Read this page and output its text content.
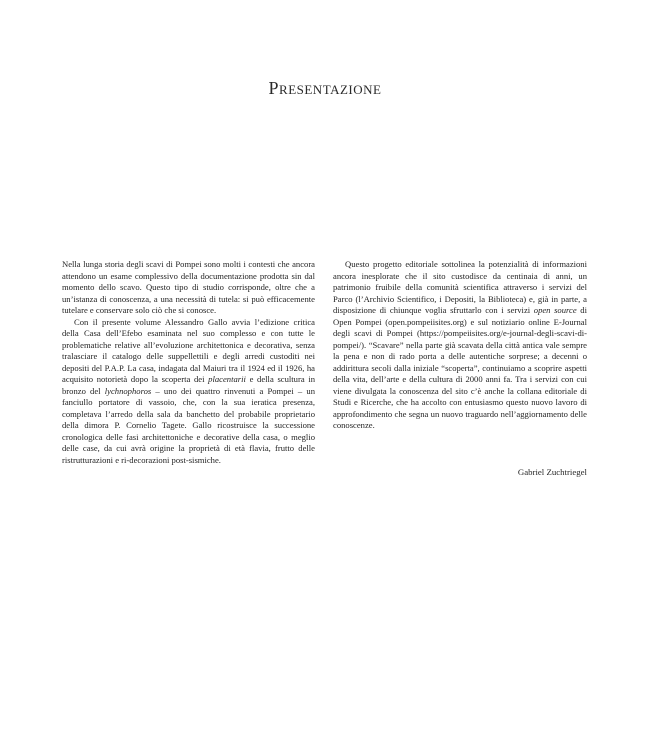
Presentazione

Nella lunga storia degli scavi di Pompei sono molti i contesti che ancora attendono un esame complessivo della documentazione prodotta sin dal momento dello scavo. Questo tipo di studio corrisponde, oltre che a un’istanza di conoscenza, a una necessità di tutela: si può efficacemente tutelare e conservare solo ciò che si conosce.

Con il presente volume Alessandro Gallo avvia l’edizione critica della Casa dell’Efebo esaminata nel suo complesso e con tutte le problematiche relative all’evoluzione architettonica e decorativa, senza tralasciare il catalogo delle suppellettili e degli arredi custoditi nei depositi del P.A.P. La casa, indagata dal Maiuri tra il 1924 ed il 1926, ha acquisito notorietà dopo la scoperta dei placentarii e della scultura in bronzo del lychnophoros – uno dei quattro rinvenuti a Pompei – un fanciullo portatore di vassoio, che, con la sua ieratica presenza, completava l’arredo della sala da banchetto del probabile proprietario della dimora P. Cornelio Tagete. Gallo ricostruisce la successione cronologica delle fasi architettoniche e decorative della casa, o meglio delle case, da cui avrà origine la proprietà di età flavia, frutto delle ristrutturazioni e ri-decorazioni post-sismiche.

Questo progetto editoriale sottolinea la potenzialità di informazioni ancora inesplorate che il sito custodisce da centinaia di anni, un patrimonio fruibile della comunità scientifica attraverso i servizi del Parco (l’Archivio Scientifico, i Depositi, la Biblioteca) e, già in parte, a disposizione di chiunque voglia sfruttarlo con i servizi open source di Open Pompei (open.pompeiisites.org) e sul notiziario online E-Journal degli scavi di Pompei (https://pompeiisites.org/e-journal-degli-scavi-di-pompei/). “Scavare” nella parte già scavata della città antica vale sempre la pena e non di rado porta a delle autentiche sorprese; a decenni o addirittura secoli dalla iniziale “scoperta”, continuiamo a scoprire aspetti della vita, dell’arte e della cultura di 2000 anni fa. Tra i servizi con cui viene divulgata la conoscenza del sito c’è anche la collana editoriale di Studi e Ricerche, che ha accolto con entusiasmo questo nuovo lavoro di approfondimento che segna un nuovo traguardo nell’aggiornamento delle conoscenze.

Gabriel Zuchtriegel
